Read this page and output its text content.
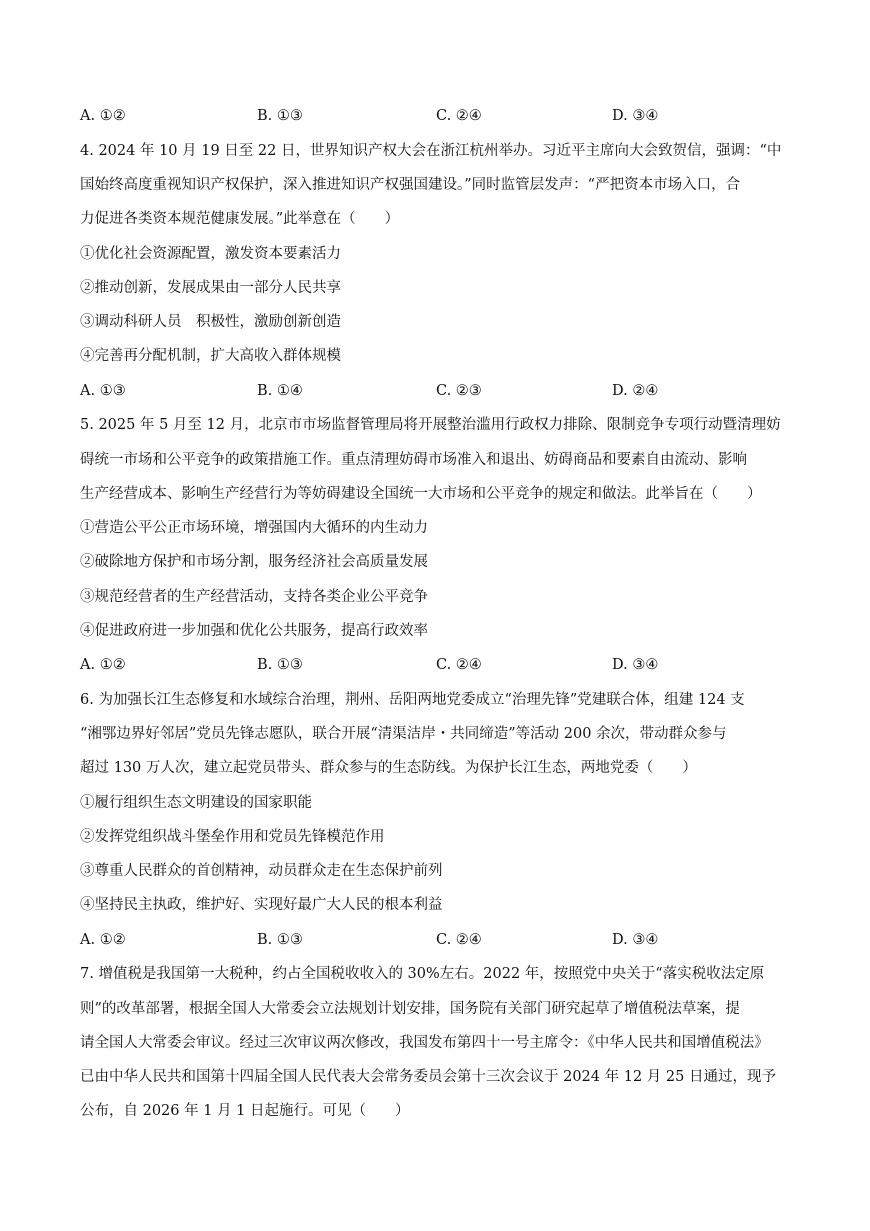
A. ①②	B. ①③	C. ②④	D. ③④
4. 2024 年 10 月 19 日至 22 日，世界知识产权大会在浙江杭州举办。习近平主席向大会致贺信，强调：“中
国始终高度重视知识产权保护，深入推进知识产权强国建设。”同时监管层发声：“严把资本市场入口，合
力促进各类资本规范健康发展。”此举意在（　　）
①优化社会资源配置，激发资本要素活力
②推动创新，发展成果由一部分人民共享
③调动科研人员　积极性，激励创新创造
④完善再分配机制，扩大高收入群体规模
A. ①③	B. ①④	C. ②③	D. ②④
5. 2025 年 5 月至 12 月，北京市市场监督管理局将开展整治滥用行政权力排除、限制竞争专项行动暨清理妨
碍统一市场和公平竞争的政策措施工作。重点清理妨碍市场准入和退出、妨碍商品和要素自由流动、影响
生产经营成本、影响生产经营行为等妨碍建设全国统一大市场和公平竞争的规定和做法。此举旨在（　　）
①营造公平公正市场环境，增强国内大循环的内生动力
②破除地方保护和市场分割，服务经济社会高质量发展
③规范经营者的生产经营活动，支持各类企业公平竞争
④促进政府进一步加强和优化公共服务，提高行政效率
A. ①②	B. ①③	C. ②④	D. ③④
6. 为加强长江生态修复和水域综合治理，荆州、岳阳两地党委成立“治理先锋”党建联合体，组建 124 支
“湘鄂边界好邻居”党员先锋志愿队，联合开展“清渠洁岸・共同缔造”等活动 200 余次，带动群众参与
超过 130 万人次，建立起党员带头、群众参与的生态防线。为保护长江生态，两地党委（　　）
①履行组织生态文明建设的国家职能
②发挥党组织战斗堡垒作用和党员先锋模范作用
③尊重人民群众的首创精神，动员群众走在生态保护前列
④坚持民主执政，维护好、实现好最广大人民的根本利益
A. ①②	B. ①③	C. ②④	D. ③④
7. 增值税是我国第一大税种，约占全国税收收入的 30%左右。2022 年，按照党中央关于“落实税收法定原
则”的改革部署，根据全国人大常委会立法规划计划安排，国务院有关部门研究起草了增值税法草案，提
请全国人大常委会审议。经过三次审议两次修改，我国发布第四十一号主席令：《中华人民共和国增值税法》
已由中华人民共和国第十四届全国人民代表大会常务委员会第十三次会议于 2024 年 12 月 25 日通过，现予
公布，自 2026 年 1 月 1 日起施行。可见（　　）
